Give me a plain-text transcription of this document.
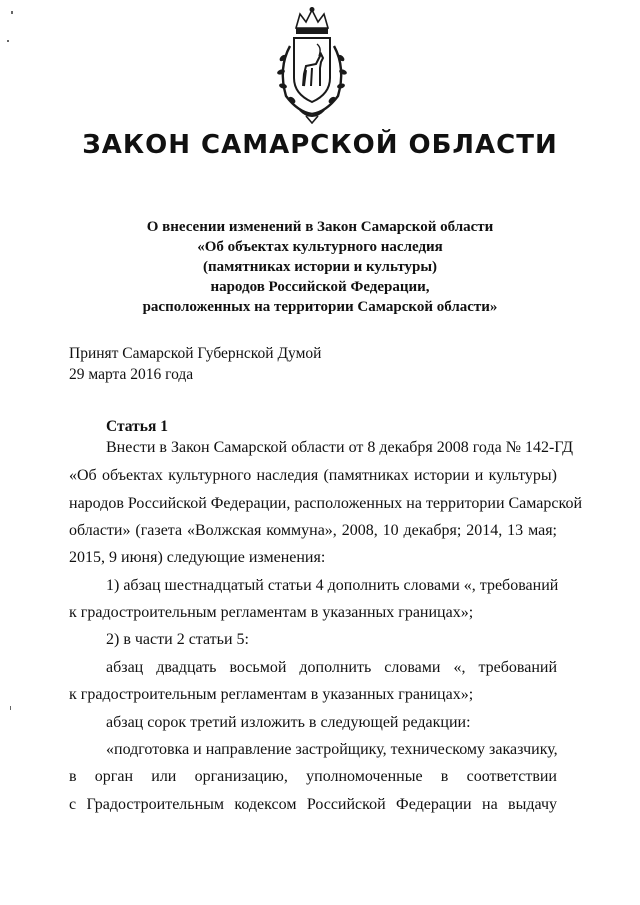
ЗАКОН САМАРСКОЙ ОБЛАСТИ
О внесении изменений в Закон Самарской области
«Об объектах культурного наследия
(памятниках истории и культуры)
народов Российской Федерации,
расположенных на территории Самарской области»
Принят Самарской Губернской Думой
29 марта 2016 года
Статья 1
Внести в Закон Самарской области от 8 декабря 2008 года № 142-ГД
«Об объектах культурного наследия (памятниках истории и культуры)
народов Российской Федерации, расположенных на территории Самарской
области» (газета «Волжская коммуна», 2008, 10 декабря; 2014, 13 мая;
2015, 9 июня) следующие изменения:
1) абзац шестнадцатый статьи 4 дополнить словами «, требований
к градостроительным регламентам в указанных границах»;
2) в части 2 статьи 5:
абзац двадцать восьмой дополнить словами «, требований
к градостроительным регламентам в указанных границах»;
абзац сорок третий изложить в следующей редакции:
«подготовка и направление застройщику, техническому заказчику,
в орган или организацию, уполномоченные в соответствии
с Градостроительным кодексом Российской Федерации на выдачу
